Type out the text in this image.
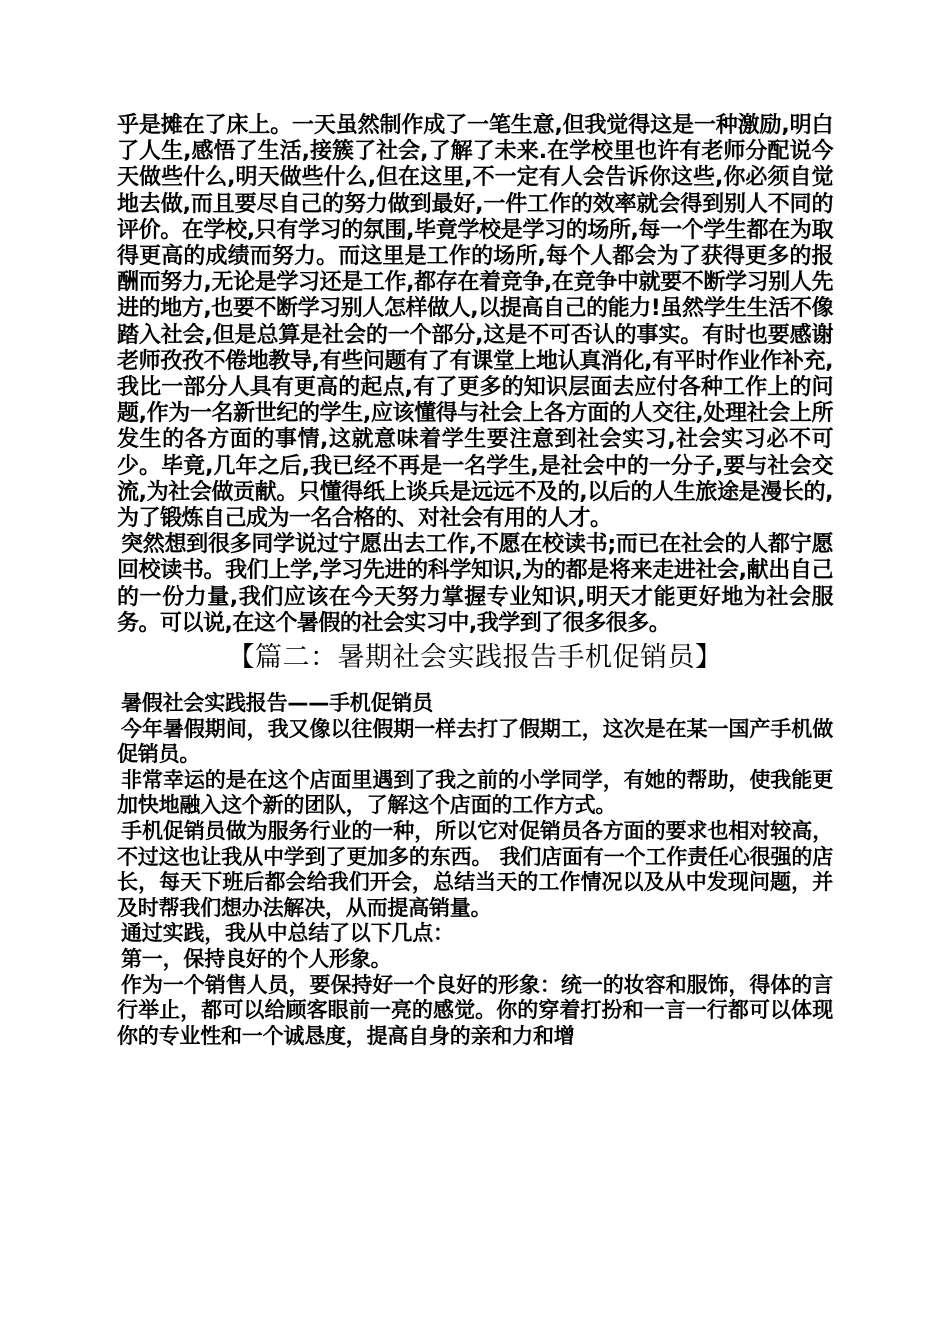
乎是摊在了床上。一天虽然制作成了一笔生意,但我觉得这是一种激励,明白了人生,感悟了生活,接簇了社会,了解了未来.在学校里也许有老师分配说今天做些什么,明天做些什么,但在这里,不一定有人会告诉你这些,你必须自觉地去做,而且要尽自己的努力做到最好,一件工作的效率就会得到别人不同的评价。在学校,只有学习的氛围,毕竟学校是学习的场所,每一个学生都在为取得更高的成绩而努力。而这里是工作的场所,每个人都会为了获得更多的报酬而努力,无论是学习还是工作,都存在着竞争,在竞争中就要不断学习别人先进的地方,也要不断学习别人怎样做人,以提高自己的能力!虽然学生生活不像踏入社会,但是总算是社会的一个部分,这是不可否认的事实。有时也要感谢老师孜孜不倦地教导,有些问题有了有课堂上地认真消化,有平时作业作补充,我比一部分人具有更高的起点,有了更多的知识层面去应付各种工作上的问题,作为一名新世纪的学生,应该懂得与社会上各方面的人交往,处理社会上所发生的各方面的事情,这就意味着学生要注意到社会实习,社会实习必不可少。毕竟,几年之后,我已经不再是一名学生,是社会中的一分子,要与社会交流,为社会做贡献。只懂得纸上谈兵是远远不及的,以后的人生旅途是漫长的,为了锻炼自己成为一名合格的、对社会有用的人才。

突然想到很多同学说过宁愿出去工作,不愿在校读书;而已在社会的人都宁愿回校读书。我们上学,学习先进的科学知识,为的都是将来走进社会,献出自己的一份力量,我们应该在今天努力掌握专业知识,明天才能更好地为社会服务。可以说,在这个暑假的社会实习中,我学到了很多很多。

【篇二：暑期社会实践报告手机促销员】

暑假社会实践报告——手机促销员

今年暑假期间，我又像以往假期一样去打了假期工，这次是在某一国产手机做促销员。

非常幸运的是在这个店面里遇到了我之前的小学同学，有她的帮助，使我能更加快地融入这个新的团队，了解这个店面的工作方式。

手机促销员做为服务行业的一种，所以它对促销员各方面的要求也相对较高，不过这也让我从中学到了更加多的东西。 我们店面有一个工作责任心很强的店长，每天下班后都会给我们开会，总结当天的工作情况以及从中发现问题，并及时帮我们想办法解决，从而提高销量。

通过实践，我从中总结了以下几点：

第一，保持良好的个人形象。

作为一个销售人员，要保持好一个良好的形象：统一的妆容和服饰，得体的言行举止，都可以给顾客眼前一亮的感觉。你的穿着打扮和一言一行都可以体现你的专业性和一个诚恳度，提高自身的亲和力和增
